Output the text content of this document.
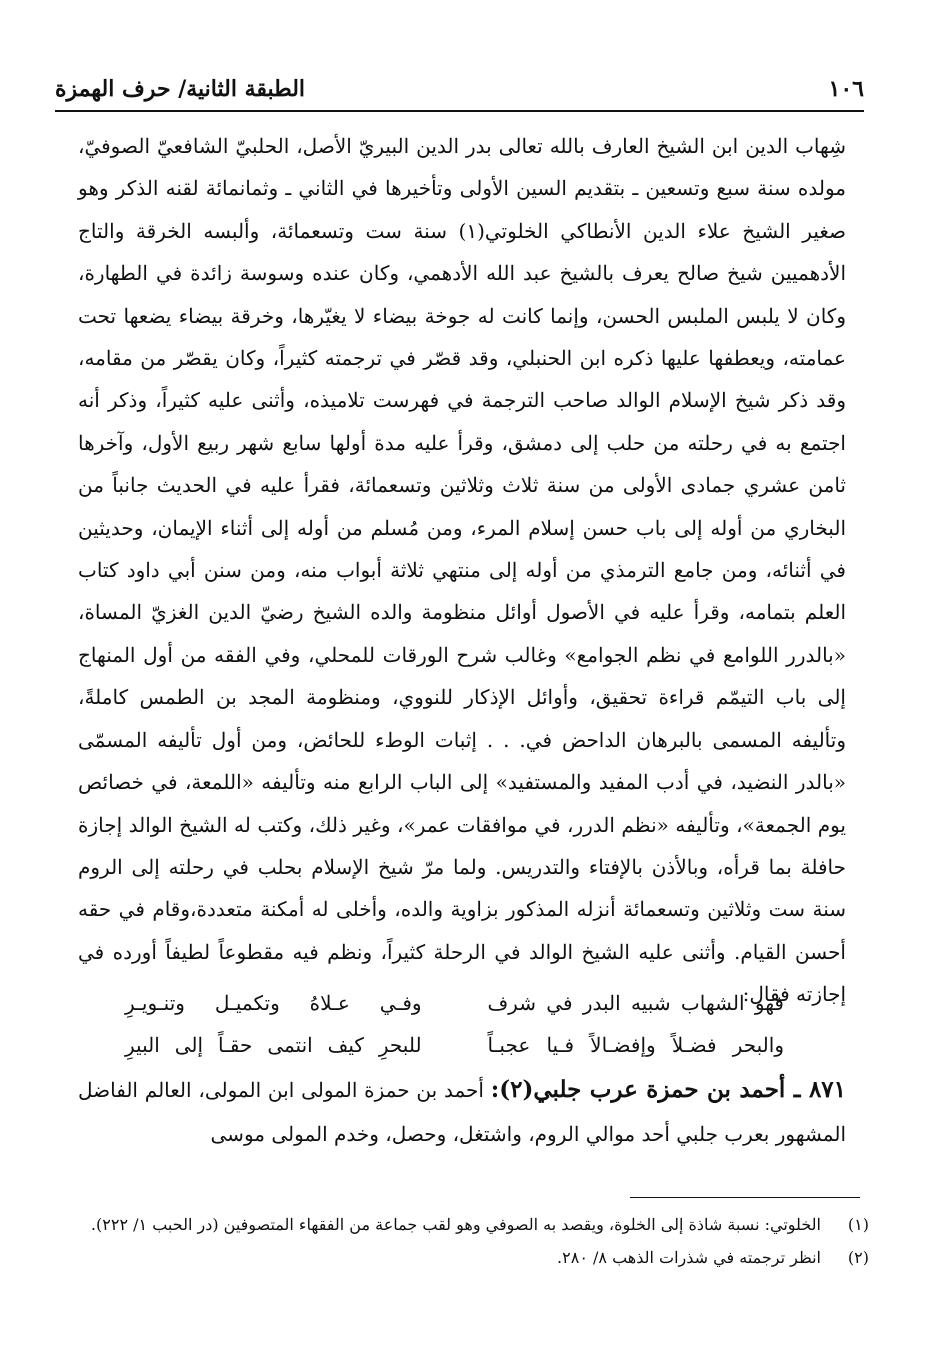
١٠٦
الطبقة الثانية/ حرف الهمزة

شِهاب الدين ابن الشيخ العارف بالله تعالى بدر الدين البيريّ الأصل، الحلبيّ الشافعيّ الصوفيّ، مولده سنة سبع وتسعين ـ بتقديم السين الأولى وتأخيرها في الثاني ـ وثمانمائة لقنه الذكر وهو صغير الشيخ علاء الدين الأنطاكي الخلوتي(١) سنة ست وتسعمائة، وألبسه الخرقة والتاج الأدهميين شيخ صالح يعرف بالشيخ عبد الله الأدهمي، وكان عنده وسوسة زائدة في الطهارة، وكان لا يلبس الملبس الحسن، وإنما كانت له جوخة بيضاء لا يغيّرها، وخرقة بيضاء يضعها تحت عمامته، ويعطفها عليها ذكره ابن الحنبلي، وقد قصّر في ترجمته كثيراً، وكان يقصّر من مقامه، وقد ذكر شيخ الإسلام الوالد صاحب الترجمة في فهرست تلاميذه، وأثنى عليه كثيراً، وذكر أنه اجتمع به في رحلته من حلب إلى دمشق، وقرأ عليه مدة أولها سابع شهر ربيع الأول، وآخرها ثامن عشري جمادى الأولى من سنة ثلاث وثلاثين وتسعمائة، فقرأ عليه في الحديث جانباً من البخاري من أوله إلى باب حسن إسلام المرء، ومن مُسلم من أوله إلى أثناء الإيمان، وحديثين في أثنائه، ومن جامع الترمذي من أوله إلى منتهي ثلاثة أبواب منه، ومن سنن أبي داود كتاب العلم بتمامه، وقرأ عليه في الأصول أوائل منظومة والده الشيخ رضيّ الدين الغزيّ المساة، «بالدرر اللوامع في نظم الجوامع» وغالب شرح الورقات للمحلي، وفي الفقه من أول المنهاج إلى باب التيمّم قراءة تحقيق، وأوائل الإذكار للنووي، ومنظومة المجد بن الطمس كاملةً، وتأليفه المسمى بالبرهان الداحض في. . . إثبات الوطء للحائض، ومن أول تأليفه المسمّى «بالدر النضيد، في أدب المفيد والمستفيد» إلى الباب الرابع منه وتأليفه «اللمعة، في خصائص يوم الجمعة»، وتأليفه «نظم الدرر، في موافقات عمر»، وغير ذلك، وكتب له الشيخ الوالد إجازة حافلة بما قرأه، وبالأذن بالإفتاء والتدريس. ولما مرّ شيخ الإسلام بحلب في رحلته إلى الروم سنة ست وثلاثين وتسعمائة أنزله المذكور بزاوية والده، وأخلى له أمكنة متعددة،وقام في حقه أحسن القيام. وأثنى عليه الشيخ الوالد في الرحلة كثيراً، ونظم فيه مقطوعاً لطيفاً أورده في إجازته فقال:

فهو الشهاب شبيه البدر في شرف
وفـي عـلاهُ وتكميـل وتنـويـرِ
والبحر فضـلاً وإفضـالاً فـيا عجبـاً
للبحرِ كيف انتمى حقـاً إلى البيرِ

٨٧١ ـ أحمد بن حمزة عرب جلبي(٢): أحمد بن حمزة المولى ابن المولى، العالم الفاضل المشهور بعرب جلبي أحد موالي الروم، واشتغل، وحصل، وخدم المولى موسى

(١)
الخلوتي: نسبة شاذة إلى الخلوة، ويقصد به الصوفي وهو لقب جماعة من الفقهاء المتصوفين (در الحبب ١/ ٢٢٢).
(٢)
انظر ترجمته في شذرات الذهب ٨/ ٢٨٠.
